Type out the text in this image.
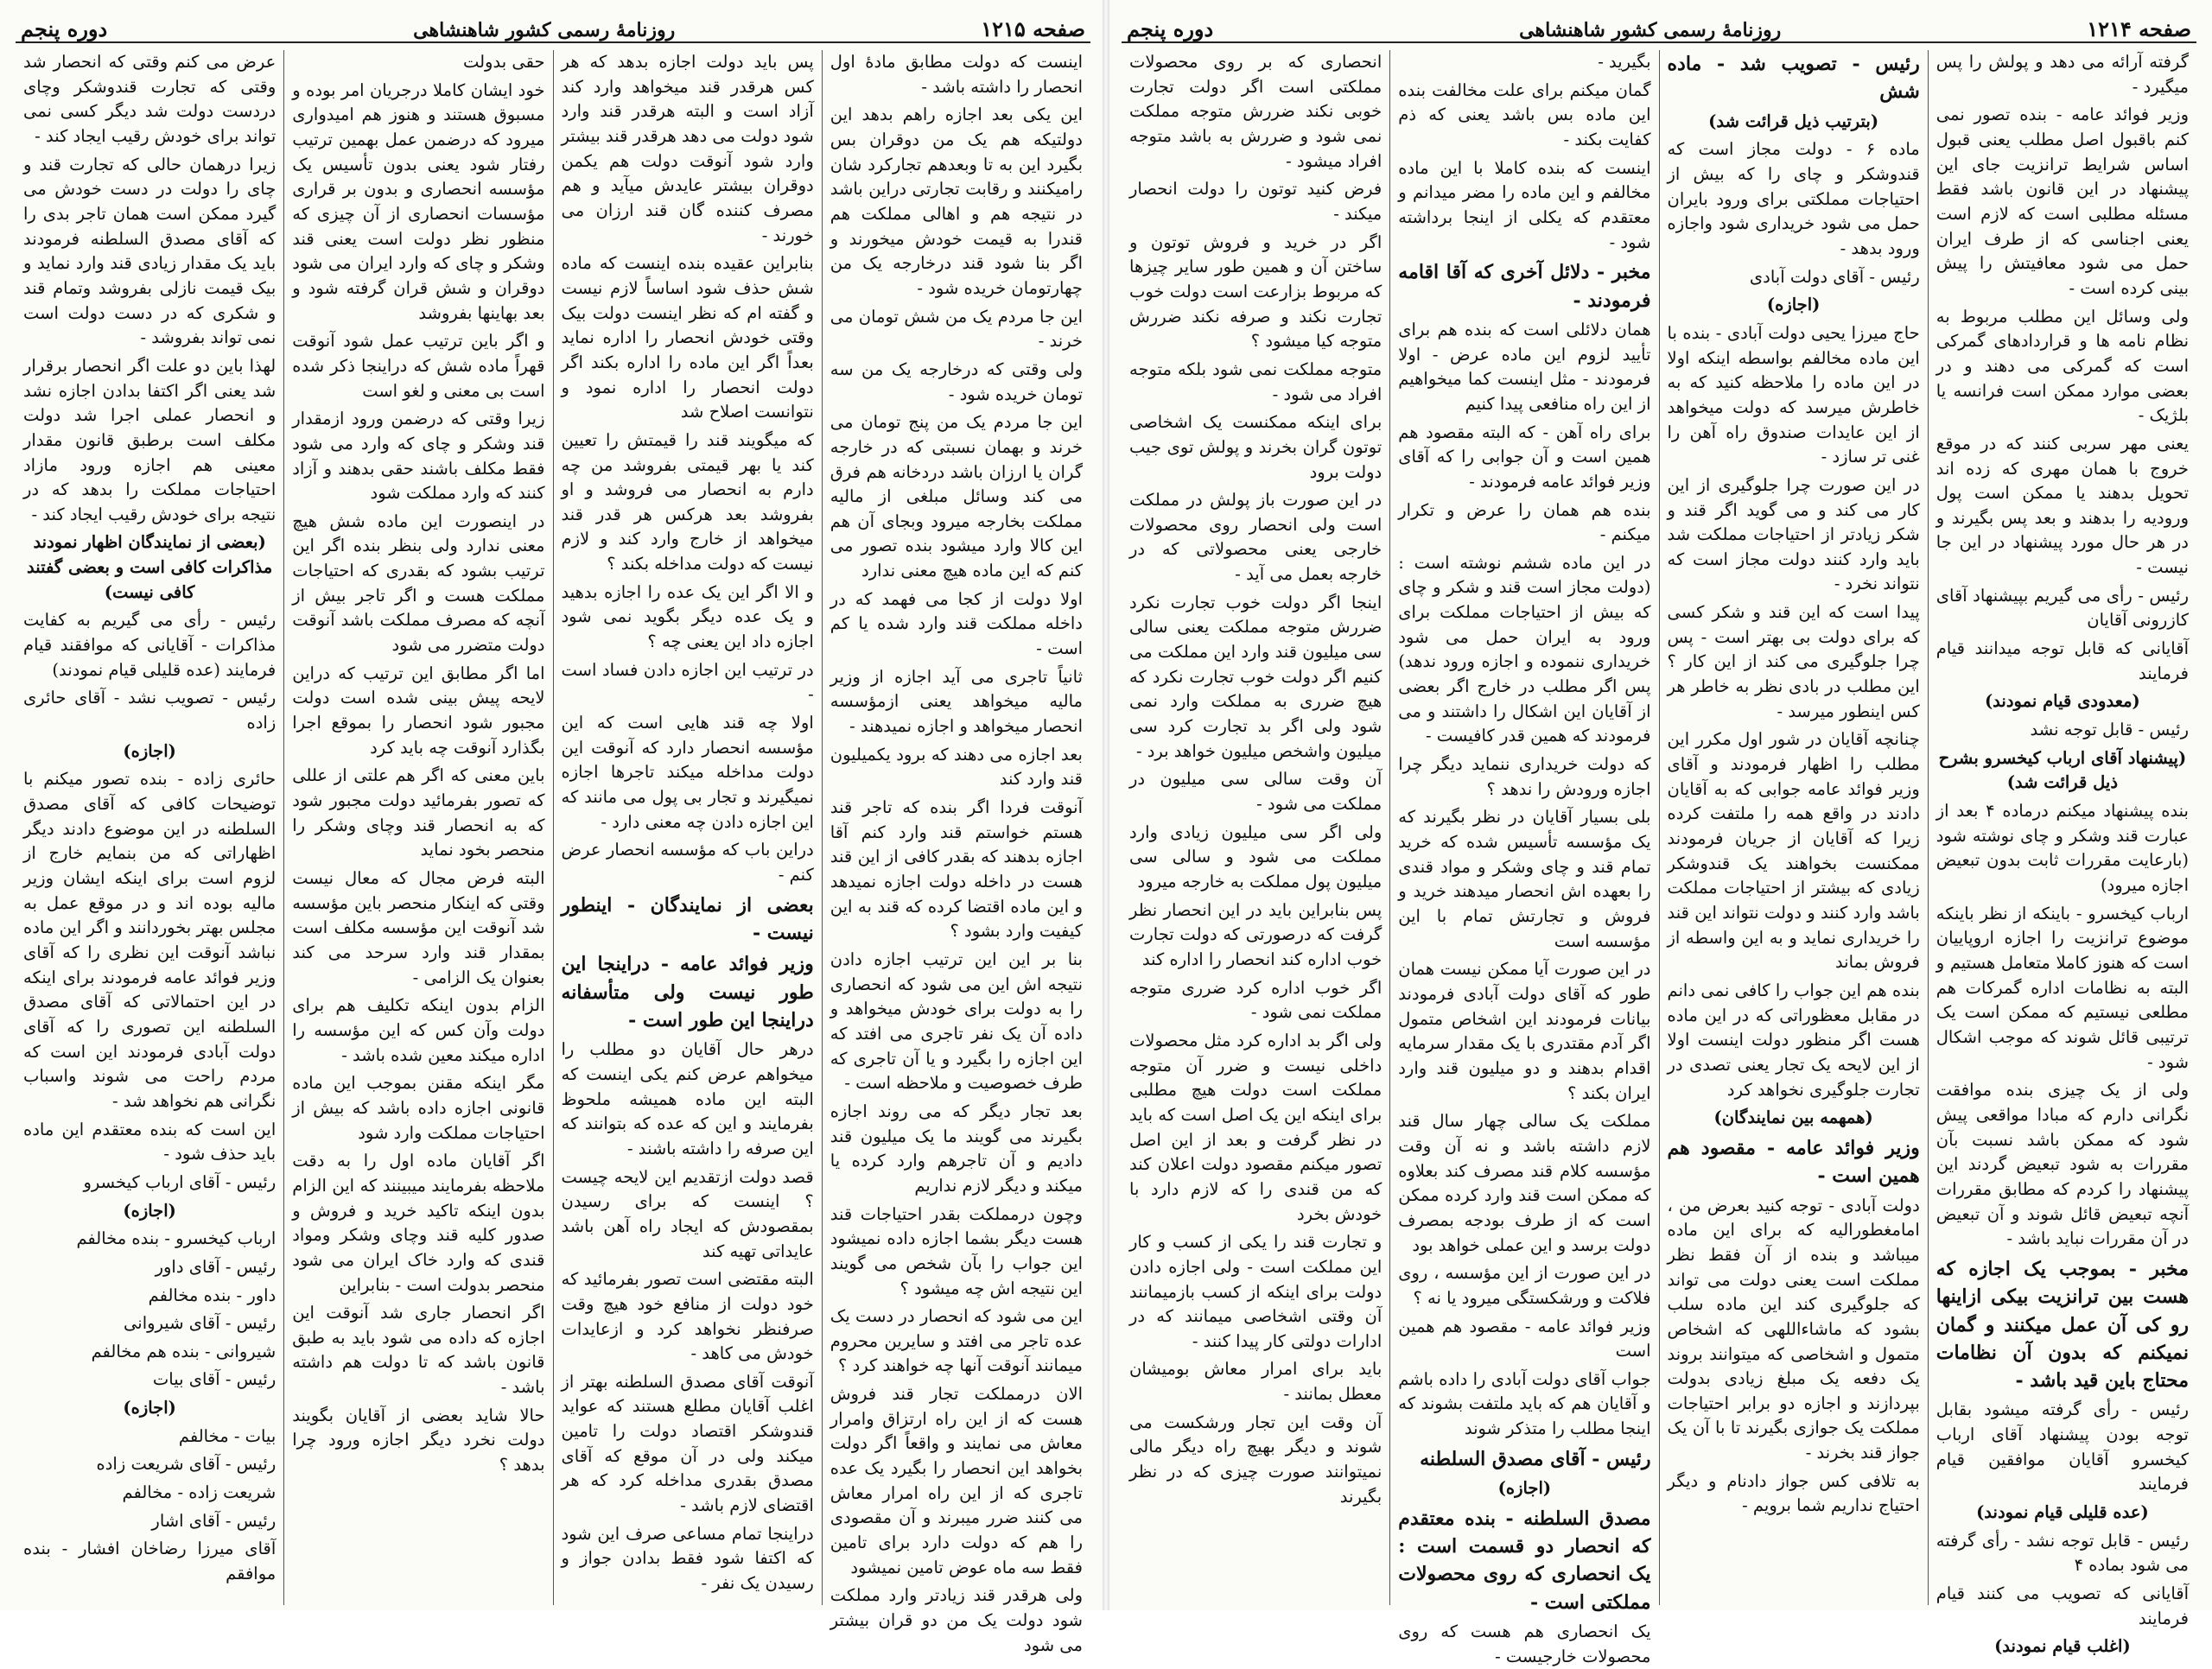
صفحه ۱۲۱۵
روزنامهٔ رسمی کشور شاهنشاهی
دوره پنجم

اینست که دولت مطابق مادهٔ اول انحصار را داشته باشد -

این یکی بعد اجازه راهم بدهد این دولتیکه هم یک من دوقران بس بگیرد این به تا وبعدهم تجارکرد شان رامیکنند و رقابت تجارتی دراین باشد در نتیجه هم و اهالی مملکت هم قندرا به قیمت خودش میخورند و اگر بنا شود قند درخارجه یک من چهارتومان خریده شود -

این جا مردم یک من شش تومان می خرند -

ولی وقتی که درخارجه یک من سه تومان خریده شود -

این جا مردم یک من پنج تومان می خرند و بهمان نسبتی که در خارجه گران یا ارزان باشد دردخانه هم فرق می کند وسائل مبلغی از مالیه مملکت بخارجه میرود وبجای آن هم این کالا وارد میشود بنده تصور می کنم که این ماده هیچ معنی ندارد

اولا دولت از کجا می فهمد که در داخله مملکت قند وارد شده یا کم است -

ثانیاً تاجری می آید اجازه از وزیر مالیه میخواهد یعنی ازمؤسسه انحصار میخواهد و اجازه نمیدهند -

بعد اجازه می دهند که برود یکمیلیون قند وارد کند

آنوقت فردا اگر بنده که تاجر قند هستم خواستم قند وارد کنم آقا اجازه بدهند که بقدر کافی از این قند هست در داخله دولت اجازه نمیدهد و این ماده اقتضا کرده که قند به این کیفیت وارد بشود ؟

بنا بر این این ترتیب اجازه دادن نتیجه اش این می شود که انحصاری را به دولت برای خودش میخواهد و داده آن یک نفر تاجری می افتد که این اجازه را بگیرد و یا آن تاجری که طرف خصوصیت و ملاحظه است -

بعد تجار دیگر که می روند اجازه بگیرند می گویند ما یک میلیون قند دادیم و آن تاجرهم وارد کرده یا میکند و دیگر لازم نداریم

وچون درمملکت بقدر احتیاجات قند هست دیگر بشما اجازه داده نمیشود این جواب را بآن شخص می گویند این نتیجه اش چه میشود ؟

این می شود که انحصار در دست یک عده تاجر می افتد و سایرین محروم میمانند آنوقت آنها چه خواهند کرد ؟

الان درمملکت تجار قند فروش هست که از این راه ارتزاق وامرار معاش می نمایند و واقعاً اگر دولت بخواهد این انحصار را بگیرد یک عده تاجری که از این راه امرار معاش می کنند ضرر میبرند و آن مقصودی را هم که دولت دارد برای تامین فقط سه ماه عوض تامین نمیشود

ولی هرقدر قند زیادتر وارد مملکت شود دولت یک من دو قران بیشتر می شود

پس باید دولت اجازه بدهد که هر کس هرقدر قند میخواهد وارد کند آزاد است و البته هرقدر قند وارد شود دولت می دهد هرقدر قند بیشتر وارد شود آنوقت دولت هم یکمن دوقران بیشتر عایدش میآید و هم مصرف کننده گان قند ارزان می خورند -

بنابراین عقیده بنده اینست که ماده شش حذف شود اساساً لازم نیست و گفته ام که نظر اینست دولت بیک وقتی خودش انحصار را اداره نماید بعداً اگر این ماده را اداره بکند اگر دولت انحصار را اداره نمود و نتوانست اصلاح شد

که میگویند قند را قیمتش را تعیین کند یا بهر قیمتی بفروشد من چه دارم به انحصار می فروشد و او بفروشد بعد هرکس هر قدر قند میخواهد از خارج وارد کند و لازم نیست که دولت مداخله بکند ؟

و الا اگر این یک عده را اجازه بدهید و یک عده دیگر بگوید نمی شود اجازه داد این یعنی چه ؟

در ترتیب این اجازه دادن فساد است -

اولا چه قند هایی است که این مؤسسه انحصار دارد که آنوقت این دولت مداخله میکند تاجرها اجازه نمیگیرند و تجار بی پول می مانند که این اجازه دادن چه معنی دارد -

دراین باب که مؤسسه انحصار عرض کنم -

بعضی از نمایندگان - اینطور نیست -

وزیر فوائد عامه - دراینجا این طور نیست ولی متأسفانه دراینجا این طور است -

درهر حال آقایان دو مطلب را میخواهم عرض کنم یکی اینست که البته این ماده همیشه ملحوظ بفرمایند و این که عده که بتوانند که این صرفه را داشته باشند -

قصد دولت ازتقدیم این لایحه چیست ؟ اینست که برای رسیدن بمقصودش که ایجاد راه آهن باشد عایداتی تهیه کند

البته مقتضی است تصور بفرمائید که خود دولت از منافع خود هیچ وقت صرفنظر نخواهد کرد و ازعایدات خودش می کاهد -

آنوقت آقای مصدق السلطنه بهتر از اغلب آقایان مطلع هستند که عواید قندوشکر اقتصاد دولت را تامین میکند ولی در آن موقع که آقای مصدق بقدری مداخله کرد که هر اقتضای لازم باشد -

دراینجا تمام مساعی صرف این شود که اکتفا شود فقط بدادن جواز و رسیدن یک نفر -

حقی بدولت

خود ایشان کاملا درجریان امر بوده و مسبوق هستند و هنوز هم امیدواری میرود که درضمن عمل بهمین ترتیب رفتار شود یعنی بدون تأسیس یک مؤسسه انحصاری و بدون بر قراری مؤسسات انحصاری از آن چیزی که منظور نظر دولت است یعنی قند وشکر و چای که وارد ایران می شود دوقران و شش قران گرفته شود و بعد بهاینها بفروشد

و اگر باین ترتیب عمل شود آنوقت قهراً ماده شش که دراینجا ذکر شده است بی معنی و لغو است

زیرا وقتی که درضمن ورود ازمقدار قند وشکر و چای که وارد می شود فقط مکلف باشند حقی بدهند و آزاد کنند که وارد مملکت شود

در اینصورت این ماده شش هیچ معنی ندارد ولی بنظر بنده اگر این ترتیب بشود که بقدری که احتیاجات مملکت هست و اگر تاجر بیش از آنچه که مصرف مملکت باشد آنوقت دولت متضرر می شود

اما اگر مطابق این ترتیب که دراین لایحه پیش بینی شده است دولت مجبور شود انحصار را بموقع اجرا بگذارد آنوقت چه باید کرد

باین معنی که اگر هم علتی از عللی که تصور بفرمائید دولت مجبور شود که به انحصار قند وچای وشکر را منحصر بخود نماید

البته فرض مجال که معال نیست وقتی که اینکار منحصر باین مؤسسه شد آنوقت این مؤسسه مکلف است بمقدار قند وارد سرحد می کند بعنوان یک الزامی -

الزام بدون اینکه تکلیف هم برای دولت وآن کس که این مؤسسه را اداره میکند معین شده باشد -

مگر اینکه مقنن بموجب این ماده قانونی اجازه داده باشد که بیش از احتیاجات مملکت وارد شود

اگر آقایان ماده اول را به دقت ملاحظه بفرمایند میبینند که این الزام بدون اینکه تاکید خرید و فروش و صدور کلیه قند وچای وشکر ومواد قندی که وارد خاک ایران می شود منحصر بدولت است - بنابراین

اگر انحصار جاری شد آنوقت این اجازه که داده می شود باید به طبق قانون باشد که تا دولت هم داشته باشد -

حالا شاید بعضی از آقایان بگویند دولت نخرد دیگر اجازه ورود چرا بدهد ؟

عرض می کنم وقتی که انحصار شد وقتی که تجارت قندوشکر وچای دردست دولت شد دیگر کسی نمی تواند برای خودش رقیب ایجاد کند -

زیرا درهمان حالی که تجارت قند و چای را دولت در دست خودش می گیرد ممکن است همان تاجر بدی را که آقای مصدق السلطنه فرمودند باید یک مقدار زیادی قند وارد نماید و بیک قیمت نازلی بفروشد وتمام قند و شکری که در دست دولت است نمی تواند بفروشد -

لهذا باین دو علت اگر انحصار برقرار شد یعنی اگر اکتفا بدادن اجازه نشد و انحصار عملی اجرا شد دولت مکلف است برطبق قانون مقدار معینی هم اجازه ورود مازاد احتیاجات مملکت را بدهد که در نتیجه برای خودش رقیب ایجاد کند -

(بعضی از نمایندگان اظهار نمودند مذاکرات کافی است و بعضی گفتند کافی نیست)

رئیس - رأی می گیریم به کفایت مذاکرات - آقایانی که موافقند قیام فرمایند (عده قلیلی قیام نمودند)

رئیس - تصویب نشد - آقای حائری زاده

(اجازه)

حائری زاده - بنده تصور میکنم با توضیحات کافی که آقای مصدق السلطنه در این موضوع دادند دیگر اظهاراتی که من بنمایم خارج از لزوم است برای اینکه ایشان وزیر مالیه بوده اند و در موقع عمل به مجلس بهتر بخوردانند و اگر این ماده نباشد آنوقت این نظری را که آقای وزیر فوائد عامه فرمودند برای اینکه در این احتمالاتی که آقای مصدق السلطنه این تصوری را که آقای دولت آبادی فرمودند این است که مردم راحت می شوند واسباب نگرانی هم نخواهد شد -

این است که بنده معتقدم این ماده باید حذف شود -

رئیس - آقای ارباب کیخسرو

(اجازه)

ارباب کیخسرو - بنده مخالفم

رئیس - آقای داور

داور - بنده مخالفم

رئیس - آقای شیروانی

شیروانی - بنده هم مخالفم

رئیس - آقای بیات

(اجازه)

بیات - مخالفم

رئیس - آقای شریعت زاده

شریعت زاده - مخالفم

رئیس - آقای اشار

آقای میرزا رضاخان افشار - بنده موافقم

صفحه ۱۲۱۴
روزنامهٔ رسمی کشور شاهنشاهی
دوره پنجم

گرفته آرائه می دهد و پولش را پس میگیرد -

وزیر فوائد عامه - بنده تصور نمی کنم باقبول اصل مطلب یعنی قبول اساس شرایط ترانزیت جای این پیشنهاد در این قانون باشد فقط مسئله مطلبی است که لازم است یعنی اجناسی که از طرف ایران حمل می شود معافیتش را پیش بینی کرده است -

ولی وسائل این مطلب مربوط به نظام نامه ها و قراردادهای گمرکی است که گمرکی می دهند و در بعضی موارد ممکن است فرانسه یا بلژیک -

یعنی مهر سربی کنند که در موقع خروج با همان مهری که زده اند تحویل بدهند یا ممکن است پول ورودیه را بدهند و بعد پس بگیرند و در هر حال مورد پیشنهاد در این جا نیست -

رئیس - رأی می گیریم بپیشنهاد آقای کازرونی آقایان

آقایانی که قابل توجه میدانند قیام فرمایند

(معدودی قیام نمودند)

رئیس - قابل توجه نشد

(پیشنهاد آقای ارباب کیخسرو بشرح ذیل قرائت شد)

بنده پیشنهاد میکنم درماده ۴ بعد از عبارت قند وشکر و چای نوشته شود (بارعایت مقررات ثابت بدون تبعیض اجازه میرود)

ارباب کیخسرو - باینکه از نظر باینکه موضوع ترانزیت را اجازه اروپاییان است که هنوز کاملا متعامل هستیم و البته به نظامات اداره گمرکات هم مطلعی نیستیم که ممکن است یک ترتیبی قائل شوند که موجب اشکال شود -

ولی از یک چیزی بنده موافقت نگرانی دارم که مبادا مواقعی پیش شود که ممکن باشد نسبت بآن مقررات به شود تبعیض گردند این پیشنهاد را کردم که مطابق مقررات آنچه تبعیض قائل شوند و آن تبعیض در آن مقررات نباید باشد -

مخبر - بموجب یک اجازه که هست بین ترانزیت بیکی ازاینها رو کی آن عمل میکنند و گمان نمیکنم که بدون آن نظامات محتاج باین قید باشد -

رئیس - رأی گرفته میشود بقابل توجه بودن پیشنهاد آقای ارباب کیخسرو آقایان موافقین قیام فرمایند

(عده قلیلی قیام نمودند)

رئیس - قابل توجه نشد - رأی گرفته می شود بماده ۴

آقایانی که تصویب می کنند قیام فرمایند

(اغلب قیام نمودند)

رئیس - تصویب شد - ماده شش

(بترتیب ذیل قرائت شد)

ماده ۶ - دولت مجاز است که قندوشکر و چای را که بیش از احتیاجات مملکتی برای ورود بایران حمل می شود خریداری شود واجازه ورود بدهد -

رئیس - آقای دولت آبادی

(اجازه)

حاج میرزا یحیی دولت آبادی - بنده با این ماده مخالفم بواسطه اینکه اولا در این ماده را ملاحظه کنید که به خاطرش میرسد که دولت میخواهد از این عایدات صندوق راه آهن را غنی تر سازد -

در این صورت چرا جلوگیری از این کار می کند و می گوید اگر قند و شکر زیادتر از احتیاجات مملکت شد باید وارد کنند دولت مجاز است که نتواند نخرد -

پیدا است که این قند و شکر کسی که برای دولت بی بهتر است - پس چرا جلوگیری می کند از این کار ؟ این مطلب در بادی نظر به خاطر هر کس اینطور میرسد -

چنانچه آقایان در شور اول مکرر این مطلب را اظهار فرمودند و آقای وزیر فوائد عامه جوابی که به آقایان دادند در واقع همه را ملتفت کرده زیرا که آقایان از جریان فرمودند ممکنست بخواهند یک قندوشکر زیادی که بیشتر از احتیاجات مملکت باشد وارد کنند و دولت نتواند این قند را خریداری نماید و به این واسطه از فروش بماند

بنده هم این جواب را کافی نمی دانم در مقابل معظوراتی که در این ماده هست اگر منظور دولت اینست اولا از این لایحه یک تجار یعنی تصدی در تجارت جلوگیری نخواهد کرد

(همهمه بین نمایندگان)

وزیر فوائد عامه - مقصود هم همین است -

دولت آبادی - توجه کنید بعرض من ، امامغطورالیه که برای این ماده میباشد و بنده از آن فقط نظر مملکت است یعنی دولت می تواند که جلوگیری کند این ماده سلب بشود که ماشاءاللهی که اشخاص متمول و اشخاصی که میتوانند بروند یک دفعه یک مبلغ زیادی بدولت بپردازند و اجازه دو برابر احتیاجات مملکت یک جوازی بگیرند تا با آن یک جواز قند بخرند -

به تلافی کس جواز دادنام و دیگر احتیاج نداریم شما برویم -

بگیرید -

گمان میکنم برای علت مخالفت بنده این ماده بس باشد یعنی که ذم کفایت بکند -

اینست که بنده کاملا با این ماده مخالفم و این ماده را مضر میدانم و معتقدم که یکلی از اینجا برداشته شود -

مخبر - دلائل آخری که آقا اقامه فرمودند -

همان دلائلی است که بنده هم برای تأیید لزوم این ماده عرض - اولا فرمودند - مثل اینست کما میخواهیم از این راه منافعی پیدا کنیم

برای راه آهن - که البته مقصود هم همین است و آن جوابی را که آقای وزیر فوائد عامه فرمودند -

بنده هم همان را عرض و تکرار میکنم -

در این ماده ششم نوشته است : (دولت مجاز است قند و شکر و چای که بیش از احتیاجات مملکت برای ورود به ایران حمل می شود خریداری ننموده و اجازه ورود ندهد) پس اگر مطلب در خارج اگر بعضی از آقایان این اشکال را داشتند و می فرمودند که همین قدر کافیست -

که دولت خریداری ننماید دیگر چرا اجازه ورودش را ندهد ؟

بلی بسیار آقایان در نظر بگیرند که یک مؤسسه تأسیس شده که خرید تمام قند و چای وشکر و مواد قندی را بعهده اش انحصار میدهند خرید و فروش و تجارتش تمام با این مؤسسه است

در این صورت آیا ممکن نیست همان طور که آقای دولت آبادی فرمودند بیانات فرمودند این اشخاص متمول اگر آدم مقتدری با یک مقدار سرمایه اقدام بدهند و دو میلیون قند وارد ایران بکند ؟

مملکت یک سالی چهار سال قند لازم داشته باشد و نه آن وقت مؤسسه کلام قند مصرف کند بعلاوه که ممکن است قند وارد کرده ممکن است که از طرف بودجه بمصرف دولت برسد و این عملی خواهد بود

در این صورت از این مؤسسه ، روی فلاکت و ورشکستگی میرود یا نه ؟

وزیر فوائد عامه - مقصود هم همین است

جواب آقای دولت آبادی را داده باشم و آقایان هم که باید ملتفت بشوند که اینجا مطلب را متذکر شوند

رئیس - آقای مصدق السلطنه

(اجازه)

مصدق السلطنه - بنده معتقدم که انحصار دو قسمت است : یک انحصاری که روی محصولات مملکتی است -

یک انحصاری هم هست که روی محصولات خارجیست -

انحصاری که بر روی محصولات مملکتی است اگر دولت تجارت خوبی نکند ضررش متوجه مملکت نمی شود و ضررش به باشد متوجه افراد میشود -

فرض کنید توتون را دولت انحصار میکند -

اگر در خرید و فروش توتون و ساختن آن و همین طور سایر چیزها که مربوط بزارعت است دولت خوب تجارت نکند و صرفه نکند ضررش متوجه کیا میشود ؟

متوجه مملکت نمی شود بلکه متوجه افراد می شود -

برای اینکه ممکنست یک اشخاصی توتون گران بخرند و پولش توی جیب دولت برود

در این صورت باز پولش در مملکت است ولی انحصار روی محصولات خارجی یعنی محصولاتی که در خارجه بعمل می آید -

اینجا اگر دولت خوب تجارت نکرد ضررش متوجه مملکت یعنی سالی سی میلیون قند وارد این مملکت می کنیم اگر دولت خوب تجارت نکرد که هیچ ضرری به مملکت وارد نمی شود ولی اگر بد تجارت کرد سی میلیون واشخص میلیون خواهد برد -

آن وقت سالی سی میلیون در مملکت می شود -

ولی اگر سی میلیون زیادی وارد مملکت می شود و سالی سی میلیون پول مملکت به خارجه میرود

پس بنابراین باید در این انحصار نظر گرفت که درصورتی که دولت تجارت خوب اداره کند انحصار را اداره کند

اگر خوب اداره کرد ضرری متوجه مملکت نمی شود -

ولی اگر بد اداره کرد مثل محصولات داخلی نیست و ضرر آن متوجه مملکت است دولت هیچ مطلبی برای اینکه این یک اصل است که باید در نظر گرفت و بعد از این اصل تصور میکنم مقصود دولت اعلان کند که من قندی را که لازم دارد با خودش بخرد

و تجارت قند را یکی از کسب و کار این مملکت است - ولی اجازه دادن دولت برای اینکه از کسب بازمیمانند آن وقتی اشخاصی میمانند که در ادارات دولتی کار پیدا کنند -

باید برای امرار معاش بومیشان معطل بمانند -

آن وقت این تجار ورشکست می شوند و دیگر بهیچ راه دیگر مالی نمیتوانند صورت چیزی که در نظر بگیرند
